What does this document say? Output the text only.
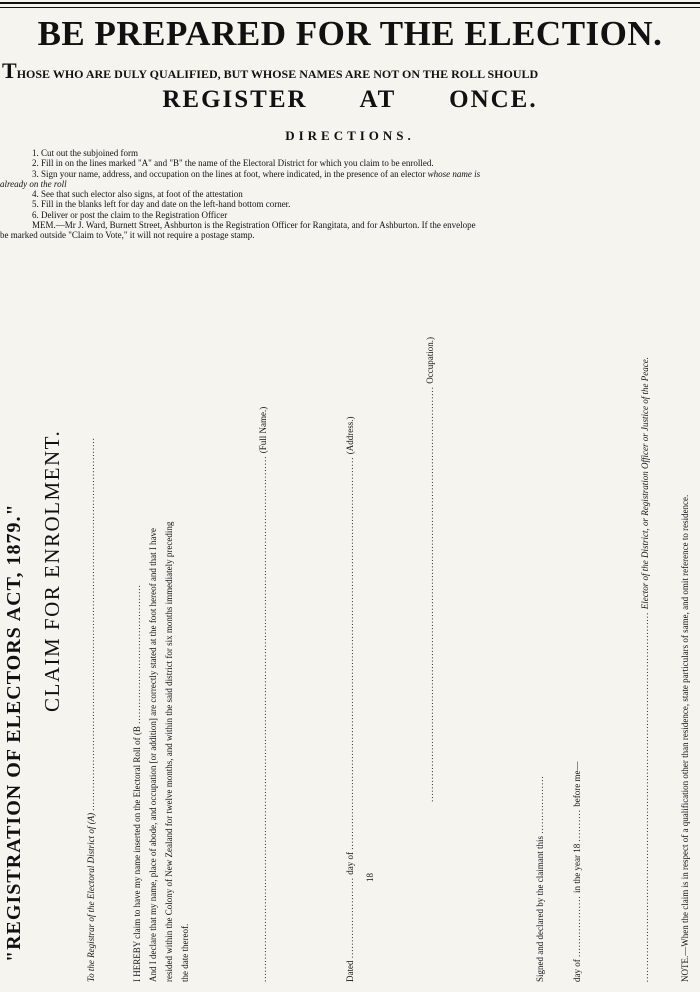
BE PREPARED FOR THE ELECTION.
THOSE WHO ARE DULY QUALIFIED, BUT WHOSE NAMES ARE NOT ON THE ROLL SHOULD
REGISTER AT ONCE.
DIRECTIONS.
1. Cut out the subjoined form
2. Fill in on the lines marked "A" and "B" the name of the Electoral District for which you claim to be enrolled.
3. Sign your name, address, and occupation on the lines at foot, where indicated, in the presence of an elector whose name is
already on the roll
4. See that such elector also signs, at foot of the attestation
5. Fill in the blanks left for day and date on the left-hand bottom corner.
6. Deliver or post the claim to the Registration Officer
MEM.—Mr J. Ward, Burnett Street, Ashburton is the Registration Officer for Rangitata, and for Ashburton. If the envelope
be marked outside "Claim to Vote," it will not require a postage stamp.
"REGISTRATION OF ELECTORS ACT, 1879." CLAIM FOR ENROLMENT.
To the Registrar of the Electoral District of (A) ...................................................................................................................
I HEREBY claim to have my name inserted on the Electoral Roll of (B ........................................... And I declare that my name, place of abode, and occupation [or addition] are correctly stated at the foot hereof and that I have resided within the Colony of New Zealand for twelve months, and within the said district for six months immediately preceding the date thereof.	.................................................................................................................................................................. (Full Name.)
Dated ......................... day of ......................................................................................................................... (Address.)
18
................................................................................................................................ Occupation.)
Signed and declared by the claimant this ..................
day of ................... in the year 18 .......... before me—	.................................................................................................................. Elector of the District, or Registration Officer or Justice of the Peace.
NOTE.—When the claim is in respect of a qualification other than residence, state particulars of same, and omit reference to residence.
